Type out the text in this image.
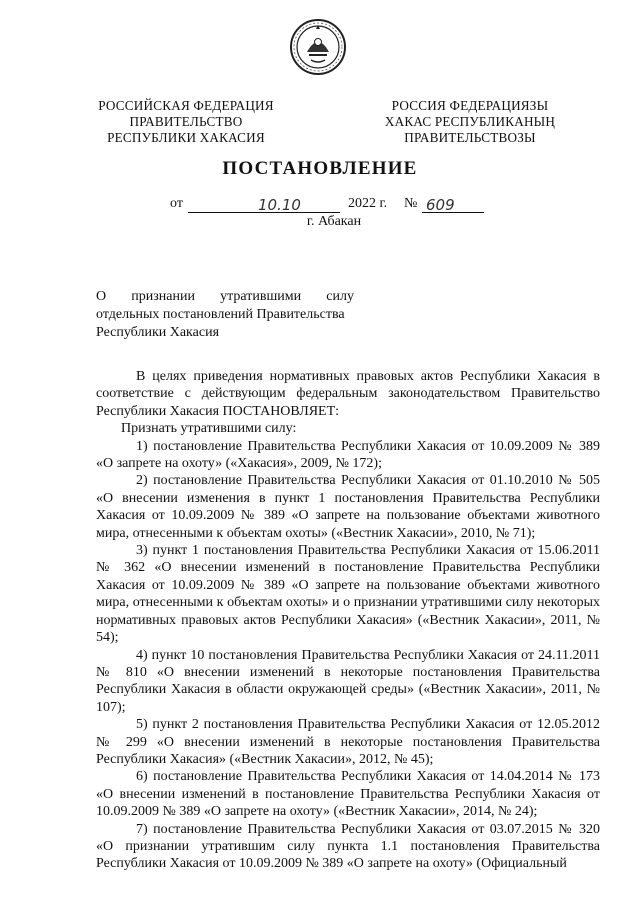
РОССИЙСКАЯ ФЕДЕРАЦИЯ
ПРАВИТЕЛЬСТВО
РЕСПУБЛИКИ ХАКАСИЯ
РОССИЯ ФЕДЕРАЦИЯЗЫ
ХАКАС РЕСПУБЛИКАНЫҢ
ПРАВИТЕЛЬСТВОЗЫ
ПОСТАНОВЛЕНИЕ
от	10.10	2022 г. № 609
г. Абакан
О признании утратившими силу
отдельных постановлений Правительства
Республики Хакасия

В целях приведения нормативных правовых актов Республики Хакасия в соответствие с действующим федеральным законодательством Правительство Республики Хакасия ПОСТАНОВЛЯЕТ:

Признать утратившими силу:

1) постановление Правительства Республики Хакасия от 10.09.2009 № 389 «О запрете на охоту» («Хакасия», 2009, № 172);

2) постановление Правительства Республики Хакасия от 01.10.2010 № 505 «О внесении изменения в пункт 1 постановления Правительства Республики Хакасия от 10.09.2009 № 389 «О запрете на пользование объектами животного мира, отнесенными к объектам охоты» («Вестник Хакасии», 2010, № 71);

3) пункт 1 постановления Правительства Республики Хакасия от 15.06.2011 № 362 «О внесении изменений в постановление Правительства Республики Хакасия от 10.09.2009 № 389 «О запрете на пользование объектами животного мира, отнесенными к объектам охоты» и о признании утратившими силу некоторых нормативных правовых актов Республики Хакасия» («Вестник Хакасии», 2011, № 54);

4) пункт 10 постановления Правительства Республики Хакасия от 24.11.2011 № 810 «О внесении изменений в некоторые постановления Правительства Республики Хакасия в области окружающей среды» («Вестник Хакасии», 2011, № 107);

5) пункт 2 постановления Правительства Республики Хакасия от 12.05.2012 № 299 «О внесении изменений в некоторые постановления Правительства Республики Хакасия» («Вестник Хакасии», 2012, № 45);

6) постановление Правительства Республики Хакасия от 14.04.2014 № 173 «О внесении изменений в постановление Правительства Республики Хакасия от 10.09.2009 № 389 «О запрете на охоту» («Вестник Хакасии», 2014, № 24);

7) постановление Правительства Республики Хакасия от 03.07.2015 № 320 «О признании утратившим силу пункта 1.1 постановления Правительства Республики Хакасия от 10.09.2009 № 389 «О запрете на охоту» (Официальный
